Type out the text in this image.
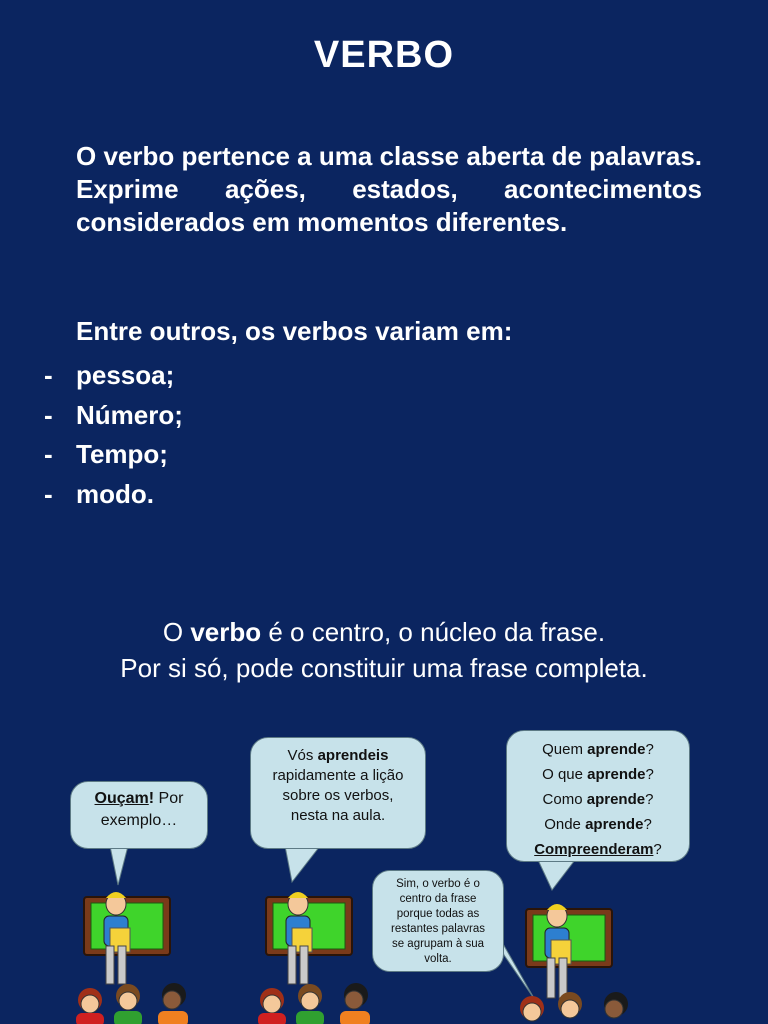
VERBO
O verbo pertence a uma classe aberta de palavras. Exprime ações, estados, acontecimentos considerados em momentos diferentes.
Entre outros, os verbos variam em:
- pessoa;
- Número;
- Tempo;
- modo.
O verbo é o centro, o núcleo da frase.
Por si só, pode constituir uma frase completa.
Ouçam! Por
exemplo…
Vós aprendeis
rapidamente a lição
sobre os verbos,
nesta na aula.
Quem aprende?
O que aprende?
Como aprende?
Onde aprende?
Compreenderam?
Sim, o verbo é o
centro da frase
porque todas as
restantes palavras
se agrupam à sua
volta.
